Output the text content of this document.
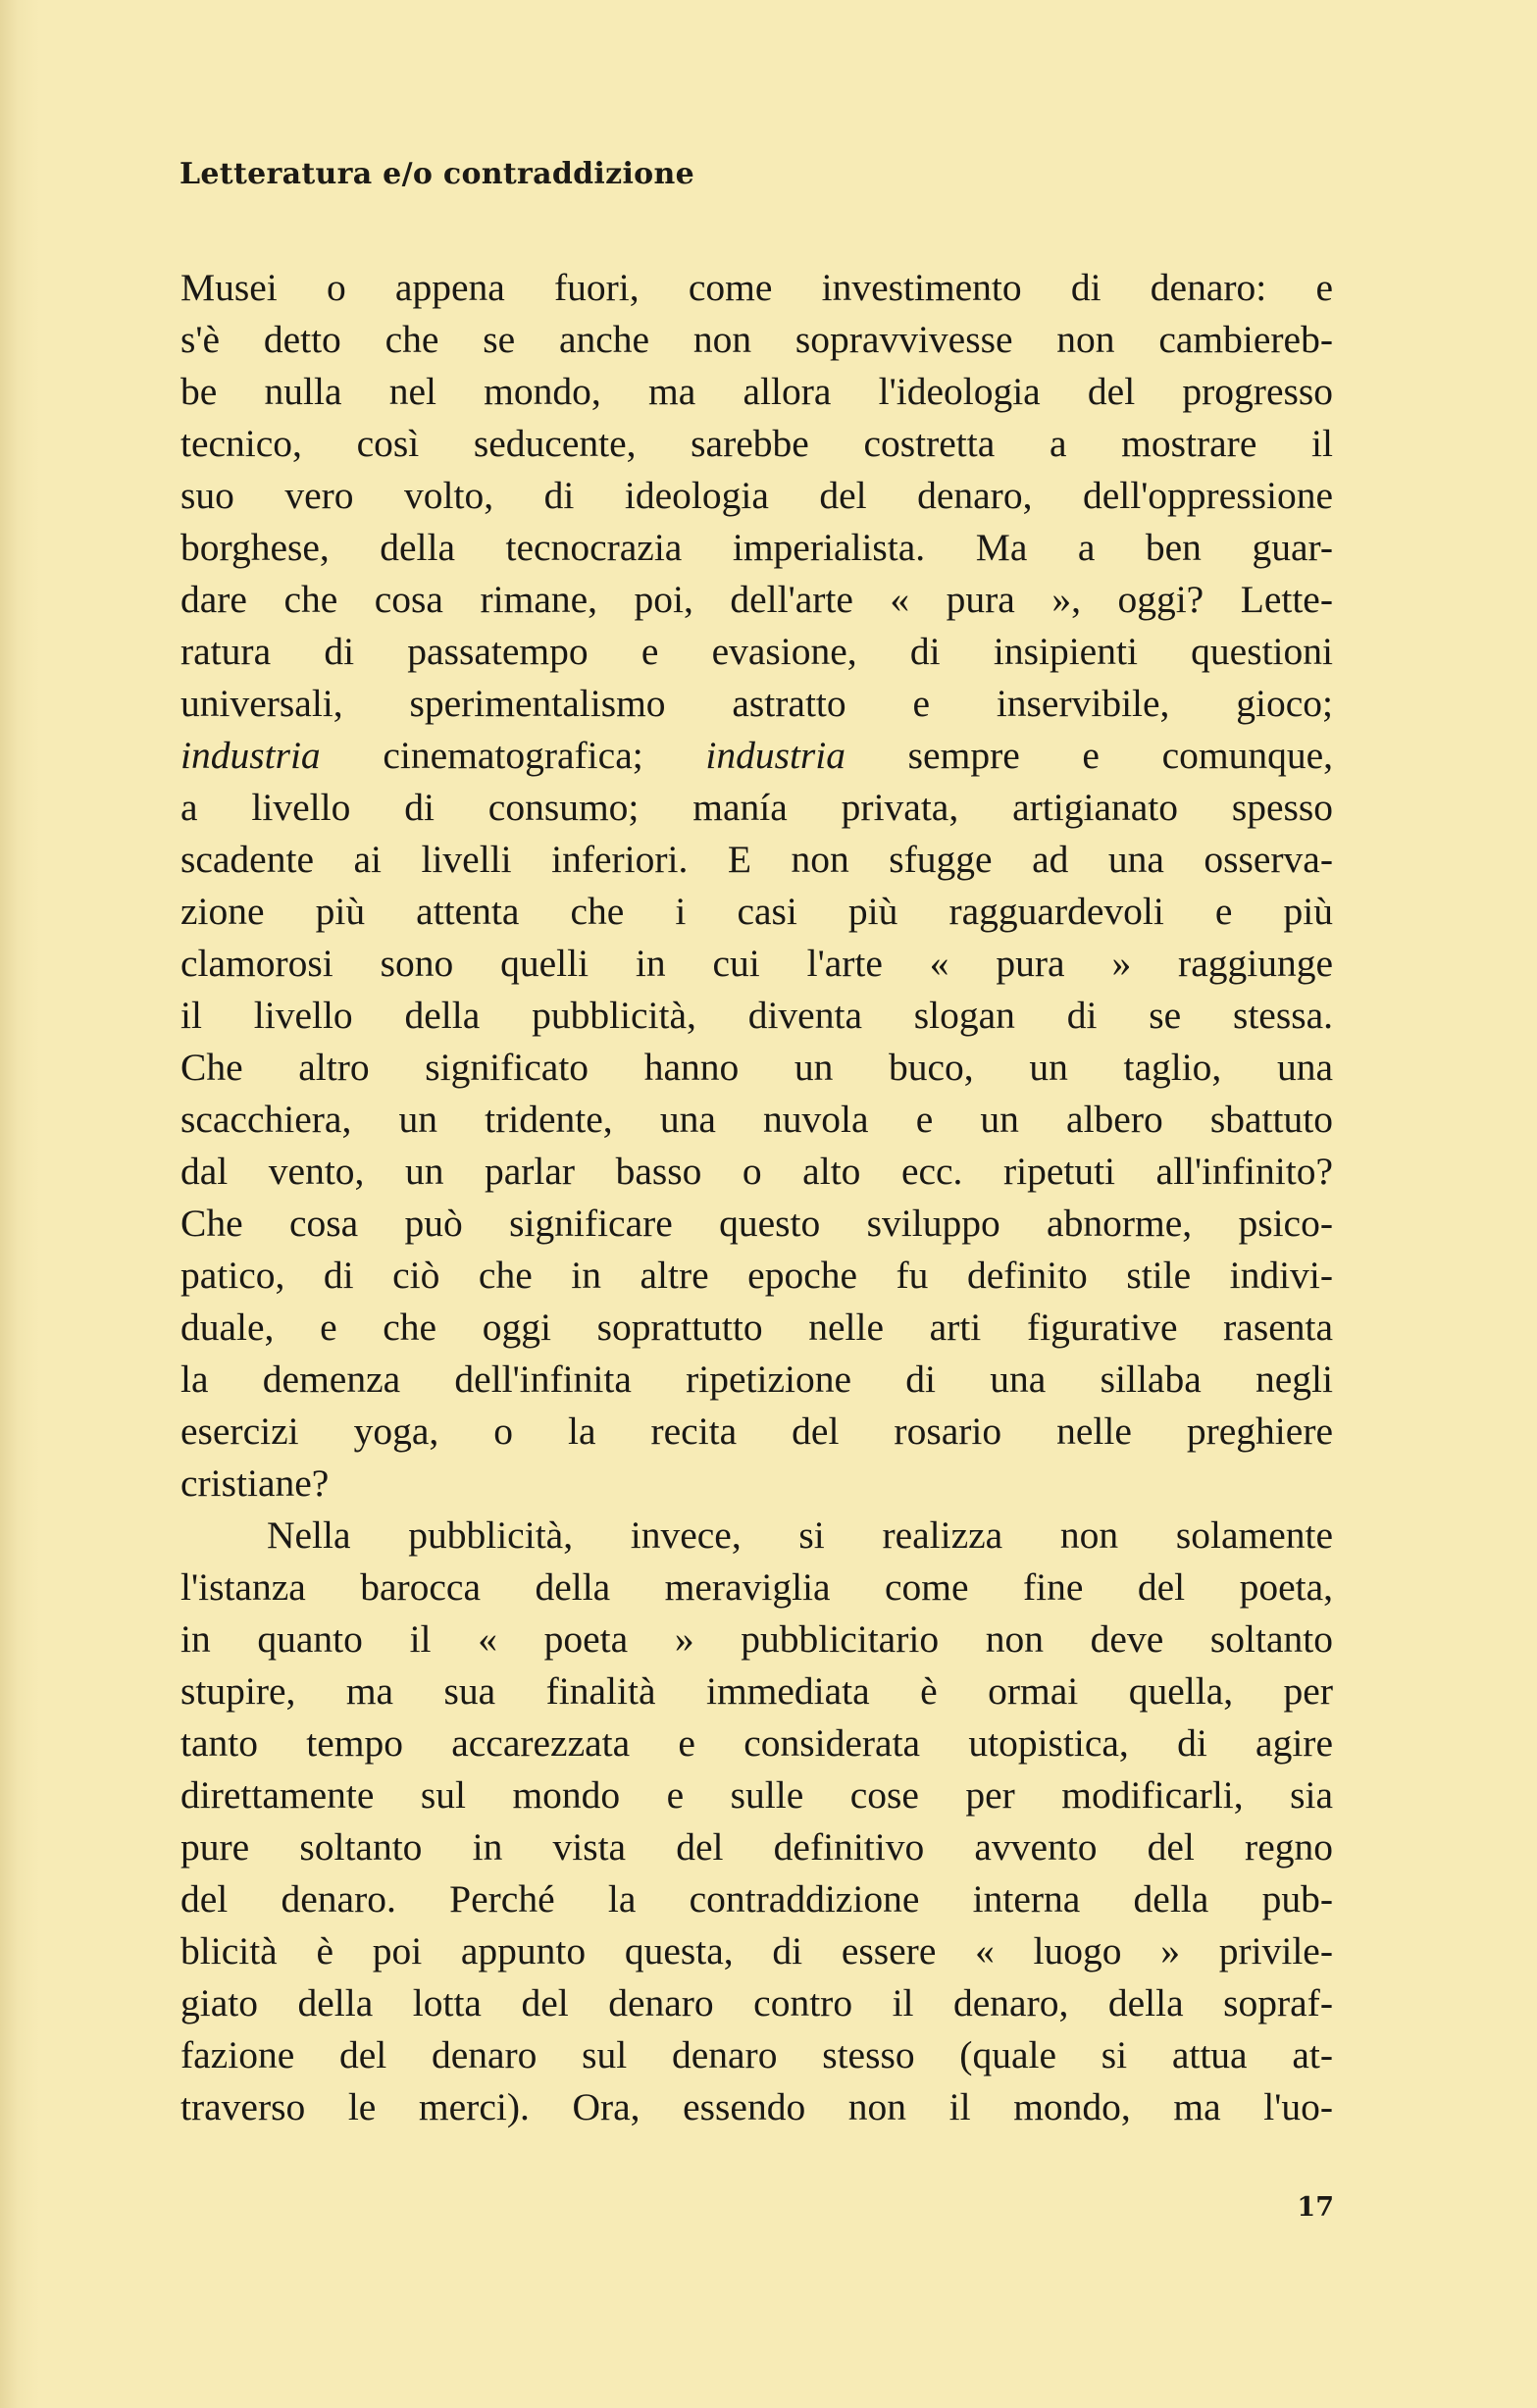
Letteratura e/o contraddizione
Musei o appena fuori, come investimento di denaro: e
s'è detto che se anche non sopravvivesse non cambiereb-
be nulla nel mondo, ma allora l'ideologia del progresso
tecnico, così seducente, sarebbe costretta a mostrare il
suo vero volto, di ideologia del denaro, dell'oppressione
borghese, della tecnocrazia imperialista. Ma a ben guar-
dare che cosa rimane, poi, dell'arte « pura », oggi? Lette-
ratura di passatempo e evasione, di insipienti questioni
universali, sperimentalismo astratto e inservibile, gioco;
industria cinematografica; industria sempre e comunque,
a livello di consumo; manía privata, artigianato spesso
scadente ai livelli inferiori. E non sfugge ad una osserva-
zione più attenta che i casi più ragguardevoli e più
clamorosi sono quelli in cui l'arte « pura » raggiunge
il livello della pubblicità, diventa slogan di se stessa.
Che altro significato hanno un buco, un taglio, una
scacchiera, un tridente, una nuvola e un albero sbattuto
dal vento, un parlar basso o alto ecc. ripetuti all'infinito?
Che cosa può significare questo sviluppo abnorme, psico-
patico, di ciò che in altre epoche fu definito stile indivi-
duale, e che oggi soprattutto nelle arti figurative rasenta
la demenza dell'infinita ripetizione di una sillaba negli
esercizi yoga, o la recita del rosario nelle preghiere
cristiane?
Nella pubblicità, invece, si realizza non solamente
l'istanza barocca della meraviglia come fine del poeta,
in quanto il « poeta » pubblicitario non deve soltanto
stupire, ma sua finalità immediata è ormai quella, per
tanto tempo accarezzata e considerata utopistica, di agire
direttamente sul mondo e sulle cose per modificarli, sia
pure soltanto in vista del definitivo avvento del regno
del denaro. Perché la contraddizione interna della pub-
blicità è poi appunto questa, di essere « luogo » privile-
giato della lotta del denaro contro il denaro, della sopraf-
fazione del denaro sul denaro stesso (quale si attua at-
traverso le merci). Ora, essendo non il mondo, ma l'uo-
17
